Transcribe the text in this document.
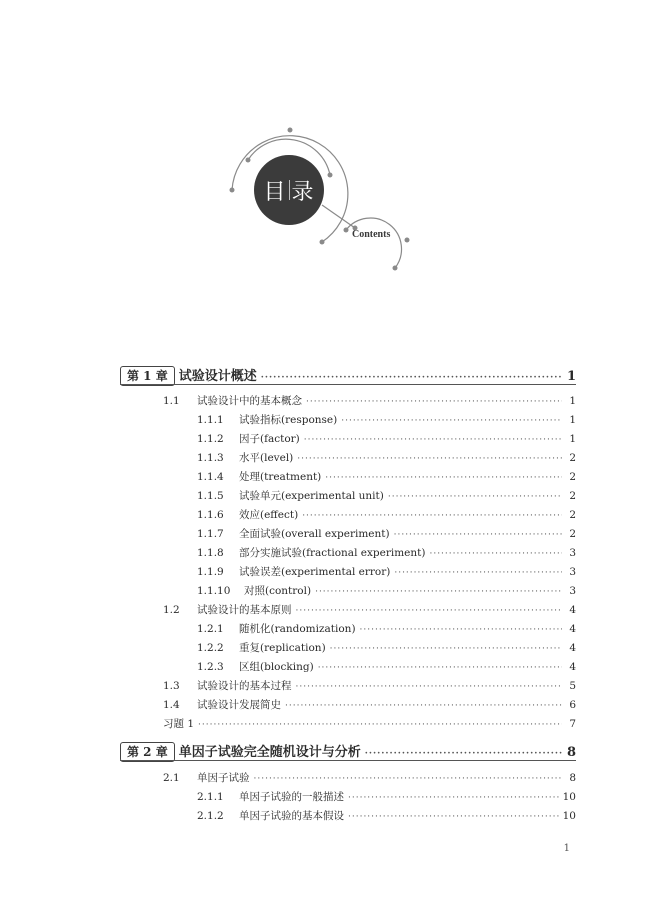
目 录
Contents
第 1 章 试验设计概述 ·····	1
1.1	试验设计中的基本概念 ·····	1
1.1.1	试验指标(response) ·····	1
1.1.2	因子(factor) ·····	1
1.1.3	水平(level) ·····	2
1.1.4	处理(treatment) ·····	2
1.1.5	试验单元(experimental unit) ·····	2
1.1.6	效应(effect) ·····	2
1.1.7	全面试验(overall experiment) ·····	2
1.1.8	部分实施试验(fractional experiment) ·····	3
1.1.9	试验误差(experimental error) ·····	3
1.1.10	对照(control) ·····	3
1.2	试验设计的基本原则 ·····	4
1.2.1	随机化(randomization) ·····	4
1.2.2	重复(replication) ·····	4
1.2.3	区组(blocking) ·····	4
1.3	试验设计的基本过程 ·····	5
1.4	试验设计发展简史 ·····	6
习题 1 ·····	7
第 2 章 单因子试验完全随机设计与分析 ·····	8
2.1	单因子试验 ·····	8
2.1.1	单因子试验的一般描述 ·····	10
2.1.2	单因子试验的基本假设 ·····	10
1
